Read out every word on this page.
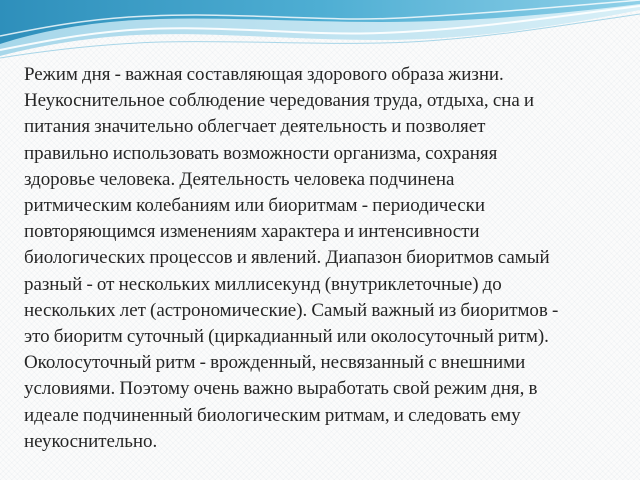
Режим дня - важная составляющая здорового образа жизни.
Неукоснительное соблюдение чередования труда, отдыха, сна и
питания значительно облегчает деятельность и позволяет
правильно использовать возможности организма, сохраняя
здоровье человека. Деятельность человека подчинена
ритмическим колебаниям или биоритмам - периодически
повторяющимся изменениям характера и интенсивности
биологических процессов и явлений. Диапазон биоритмов самый
разный - от нескольких миллисекунд (внутриклеточные) до
нескольких лет (астрономические). Самый важный из биоритмов -
это биоритм суточный (циркадианный или околосуточный ритм).
Околосуточный ритм - врожденный, несвязанный с внешними
условиями. Поэтому очень важно выработать свой режим дня, в
идеале подчиненный биологическим ритмам, и следовать ему
неукоснительно.
